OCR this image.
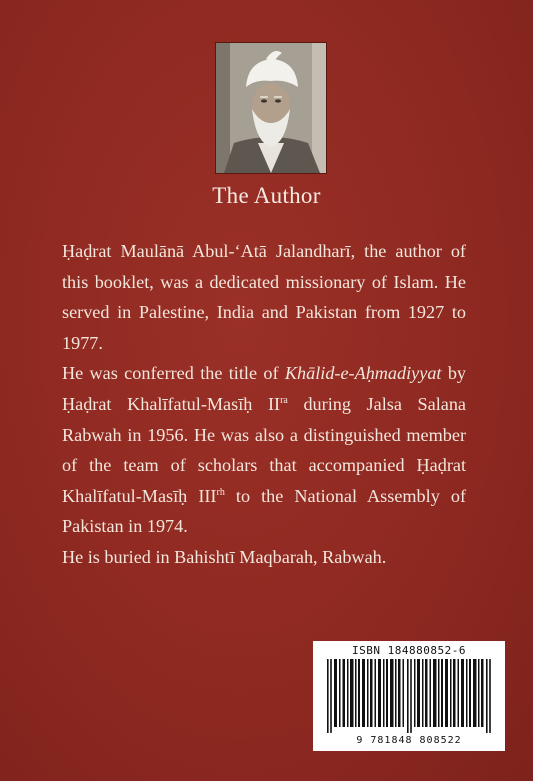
The Author

Ḥaḍrat Maulānā Abul-‘Atā Jalandharī, the author of this booklet, was a dedicated missionary of Islam. He served in Palestine, India and Pakistan from 1927 to 1977.

He was conferred the title of Khālid-e-Aḥmadiyyat by Ḥaḍrat Khalīfatul-Masīḥ $II^{ra}$ during Jalsa Salana Rabwah in 1956. He was also a distinguished member of the team of scholars that accompanied Ḥaḍrat Khalīfatul-Masīḥ $III^{rh}$ to the National Assembly of Pakistan in 1974.

He is buried in Bahishtī Maqbarah, Rabwah.

ISBN 184880852-6
9 781848 808522
